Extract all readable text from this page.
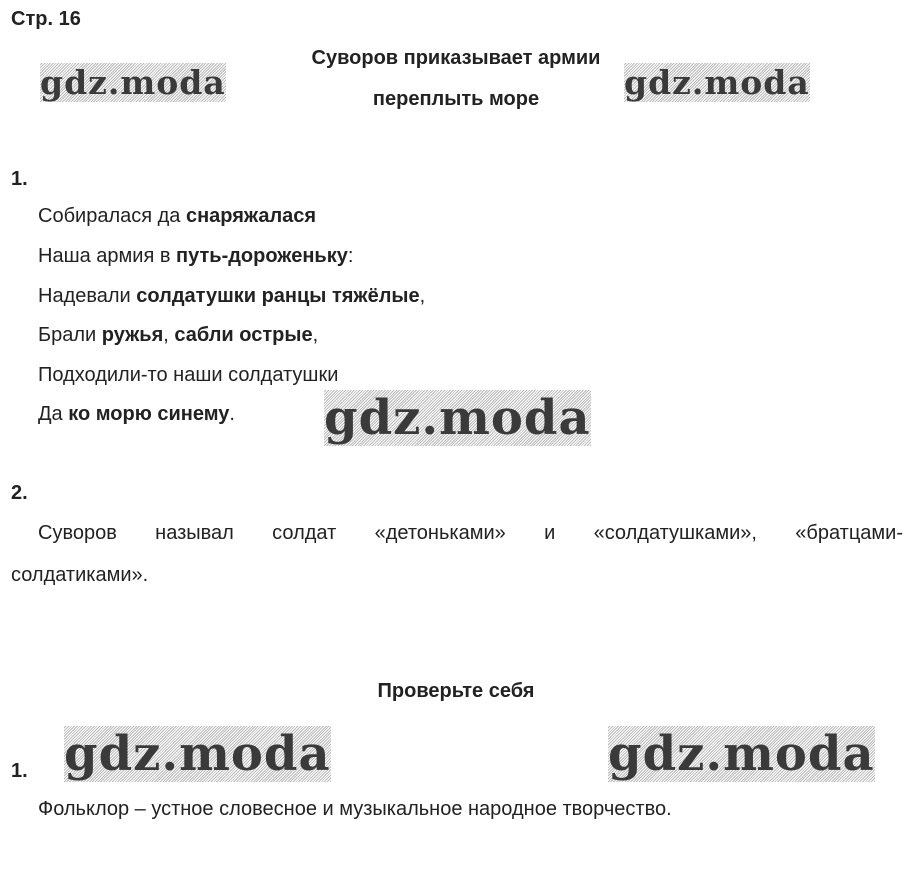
Стр. 16
Суворов приказывает армии
переплыть море
gdz.moda	gdz.moda
1.
Собиралася да снаряжалася
Наша армия в путь-дороженьку:
Надевали солдатушки ранцы тяжёлые,
Брали ружья, сабли острые,
Подходили-то наши солдатушки
Да ко морю синему. gdz.moda
2.
Суворов называл солдат «детоньками» и «солдатушками», «братцами-
солдатиками».
Проверьте себя
1. gdz.moda	gdz.moda
Фольклор – устное словесное и музыкальное народное творчество.
